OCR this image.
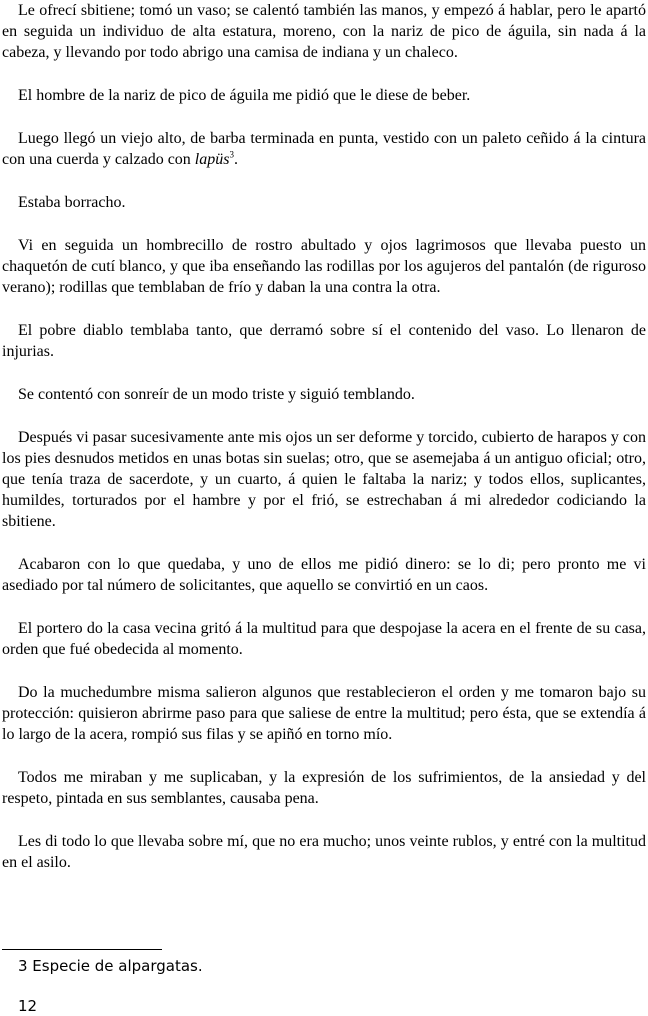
Le ofrecí sbitiene; tomó un vaso; se calentó también las manos, y empezó á hablar, pero le apartó en seguida un individuo de alta estatura, moreno, con la nariz de pico de águila, sin nada á la cabeza, y llevando por todo abrigo una camisa de indiana y un chaleco.

El hombre de la nariz de pico de águila me pidió que le diese de beber.

Luego llegó un viejo alto, de barba terminada en punta, vestido con un paleto ceñido á la cintura con una cuerda y calzado con lapüs$^3$.

Estaba borracho.

Vi en seguida un hombrecillo de rostro abultado y ojos lagrimosos que llevaba puesto un chaquetón de cutí blanco, y que iba enseñando las rodillas por los agujeros del pantalón (de riguroso verano); rodillas que temblaban de frío y daban la una contra la otra.

El pobre diablo temblaba tanto, que derramó sobre sí el contenido del vaso. Lo llenaron de injurias.

Se contentó con sonreír de un modo triste y siguió temblando.

Después vi pasar sucesivamente ante mis ojos un ser deforme y torcido, cubierto de harapos y con los pies desnudos metidos en unas botas sin suelas; otro, que se asemejaba á un antiguo oficial; otro, que tenía traza de sacerdote, y un cuarto, á quien le faltaba la nariz; y todos ellos, suplicantes, humildes, torturados por el hambre y por el frió, se estrechaban á mi alrededor codiciando la sbitiene.

Acabaron con lo que quedaba, y uno de ellos me pidió dinero: se lo di; pero pronto me vi asediado por tal número de solicitantes, que aquello se convirtió en un caos.

El portero do la casa vecina gritó á la multitud para que despojase la acera en el frente de su casa, orden que fué obedecida al momento.

Do la muchedumbre misma salieron algunos que restablecieron el orden y me tomaron bajo su protección: quisieron abrirme paso para que saliese de entre la multitud; pero ésta, que se extendía á lo largo de la acera, rompió sus filas y se apiñó en torno mío.

Todos me miraban y me suplicaban, y la expresión de los sufrimientos, de la ansiedad y del respeto, pintada en sus semblantes, causaba pena.

Les di todo lo que llevaba sobre mí, que no era mucho; unos veinte rublos, y entré con la multitud en el asilo.

3 Especie de alpargatas.
12
